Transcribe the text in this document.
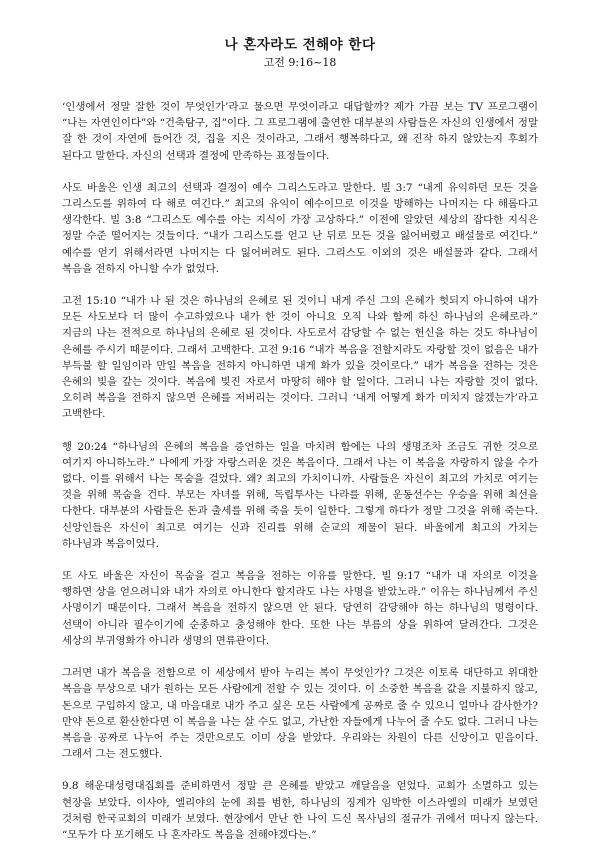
나 혼자라도 전해야 한다
고전 9:16~18

‘인생에서 정말 잘한 것이 무엇인가’라고 물으면 무엇이라고 대답할까? 제가 가끔 보는 TV 프로그램이 “나는 자연인이다”와 “건축탐구, 집”이다. 그 프로그램에 출연한 대부분의 사람들은 자신의 인생에서 정말 잘 한 것이 자연에 들어간 것, 집을 지은 것이라고, 그래서 행복하다고, 왜 진작 하지 않았는지 후회가 된다고 말한다. 자신의 선택과 결정에 만족하는 표정들이다.

사도 바울은 인생 최고의 선택과 결정이 예수 그리스도라고 말한다. 빌 3:7 “내게 유익하던 모든 것을 그리스도를 위하여 다 해로 여긴다.” 최고의 유익이 예수이므로 이것을 방해하는 나머지는 다 해롭다고 생각한다. 빌 3:8 “그리스도 예수를 아는 지식이 가장 고상하다.” 이전에 알았던 세상의 잡다한 지식은 정말 수준 떨어지는 것들이다. “내가 그리스도를 얻고 난 뒤로 모든 것을 잃어버렸고 배설물로 여긴다.” 예수를 얻기 위해서라면 나머지는 다 잃어버려도 된다. 그리스도 이외의 것은 배설물과 같다. 그래서 복음을 전하지 아니할 수가 없었다.

고전 15:10 “내가 나 된 것은 하나님의 은혜로 된 것이니 내게 주신 그의 은혜가 헛되지 아니하여 내가 모든 사도보다 더 많이 수고하였으나 내가 한 것이 아니요 오직 나와 함께 하신 하나님의 은혜로라.” 지금의 나는 전적으로 하나님의 은혜로 된 것이다. 사도로서 감당할 수 없는 헌신을 하는 것도 하나님이 은혜를 주시기 때문이다. 그래서 고백한다. 고전 9:16 “내가 복음을 전할지라도 자랑할 것이 없음은 내가 부득불 할 일임이라 만일 복음을 전하지 아니하면 내게 화가 있을 것이로다.” 내가 복음을 전하는 것은 은혜의 빚을 갚는 것이다. 복음에 빚진 자로서 마땅히 해야 할 일이다. 그러니 나는 자랑할 것이 없다. 오히려 복음을 전하지 않으면 은혜를 저버리는 것이다. 그러니 ‘내게 어떻게 화가 미치지 않겠는가’라고 고백한다.

행 20:24 “하나님의 은혜의 복음을 증언하는 일을 마치려 함에는 나의 생명조차 조금도 귀한 것으로 여기지 아니하노라.” 나에게 가장 자랑스러운 것은 복음이다. 그래서 나는 이 복음을 자랑하지 않을 수가 없다. 이를 위해서 나는 목숨을 걸었다. 왜? 최고의 가치이니까. 사람들은 자신이 최고의 가치로 여기는 것을 위해 목숨을 건다. 부모는 자녀를 위해, 독립투사는 나라를 위해, 운동선수는 우승을 위해 최선을 다한다. 대부분의 사람들은 돈과 출세를 위해 죽을 듯이 일한다. 그렇게 하다가 정말 그것을 위해 죽는다. 신앙인들은 자신이 최고로 여기는 신과 진리를 위해 순교의 제물이 된다. 바울에게 최고의 가치는 하나님과 복음이었다.

또 사도 바울은 자신이 목숨을 걸고 복음을 전하는 이유를 말한다. 빌 9:17 “내가 내 자의로 이것을 행하면 상을 얻으려니와 내가 자의로 아니한다 할지라도 나는 사명을 받았노라.” 이유는 하나님께서 주신 사명이기 때문이다. 그래서 복음을 전하지 않으면 안 된다. 당연히 감당해야 하는 하나님의 명령이다. 선택이 아니라 필수이기에 순종하고 충성해야 한다. 또한 나는 부름의 상을 위하여 달려간다. 그것은 세상의 부귀영화가 아니라 생명의 면류관이다.

그러면 내가 복음을 전함으로 이 세상에서 받아 누리는 복이 무엇인가? 그것은 이토록 대단하고 위대한 복음을 무상으로 내가 원하는 모든 사람에게 전할 수 있는 것이다. 이 소중한 복음을 값을 지불하지 않고, 돈으로 구입하지 않고, 내 마음대로 내가 주고 싶은 모든 사람에게 공짜로 줄 수 있으니 얼마나 감사한가? 만약 돈으로 환산한다면 이 복음을 나는 살 수도 없고, 가난한 자들에게 나누어 줄 수도 없다. 그러니 나는 복음을 공짜로 나누어 주는 것만으로도 이미 상을 받았다. 우리와는 차원이 다른 신앙이고 믿음이다. 그래서 그는 전도했다.

9.8 해운대성령대집회를 준비하면서 정말 큰 은혜를 받았고 깨달음을 얻었다. 교회가 소멸하고 있는 현장을 보았다. 이사야, 엘리야의 눈에 죄를 범한, 하나님의 징계가 임박한 이스라엘의 미래가 보였던 것처럼 한국교회의 미래가 보였다. 현장에서 만난 한 나이 드신 목사님의 절규가 귀에서 떠나지 않는다. “모두가 다 포기해도 나 혼자라도 복음을 전해야겠다는.”
